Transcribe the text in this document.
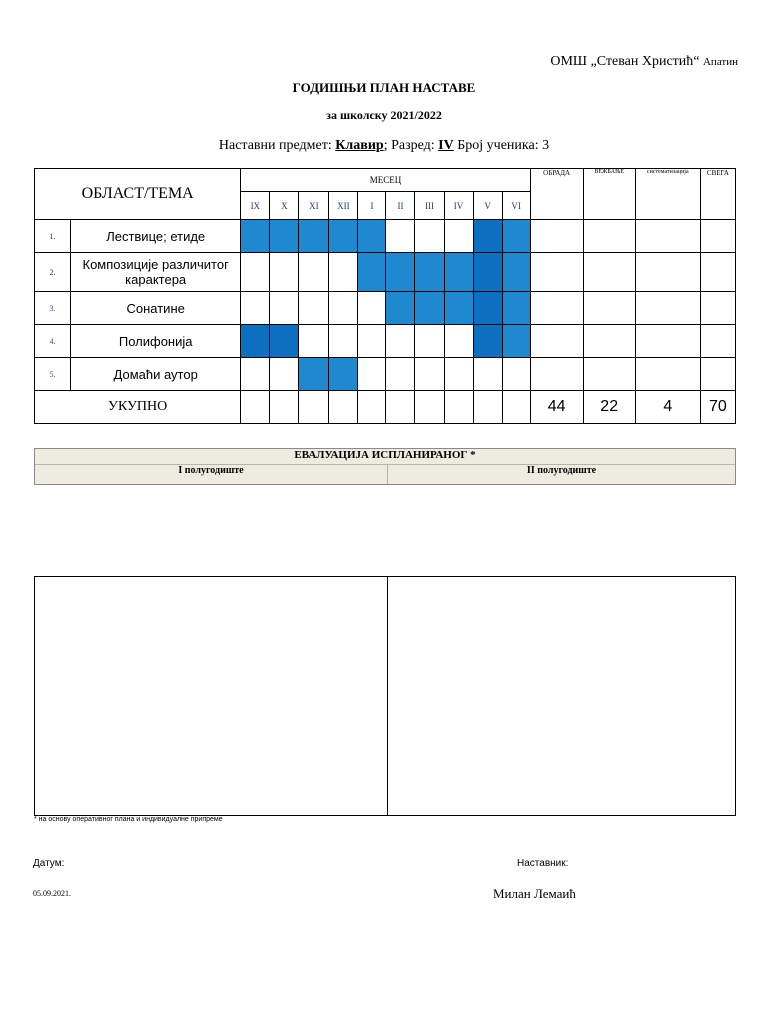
ОМШ „Стеван Христић“ Апатин
ГОДИШЊИ ПЛАН НАСТАВЕ
за школску 2021/2022
Наставни предмет: Клавир; Разред: IV Број ученика: 3
ОБЛАСТ/ТЕМА		МЕСЕЦ										ОБРАДА	ВЕЖБАЊЕ	систематизација	СВЕГА
		IX	X	XI	XII	I	II	III	IV	V	VI				
1.	Лествице; етиде														
2.	Композиције различитог карактера														
3.	Сонатине														
4.	Полифонија														
5.	Домаћи аутор														
УКУПНО												44	22	4	70
ЕВАЛУАЦИЈА ИСПЛАНИРАНОГ *
I полугодиште	II полугодиште
* на основу оперативног плана и индивидуалне припреме
Датум:
05.09.2021.
Наставник:
Милан Лемаић
